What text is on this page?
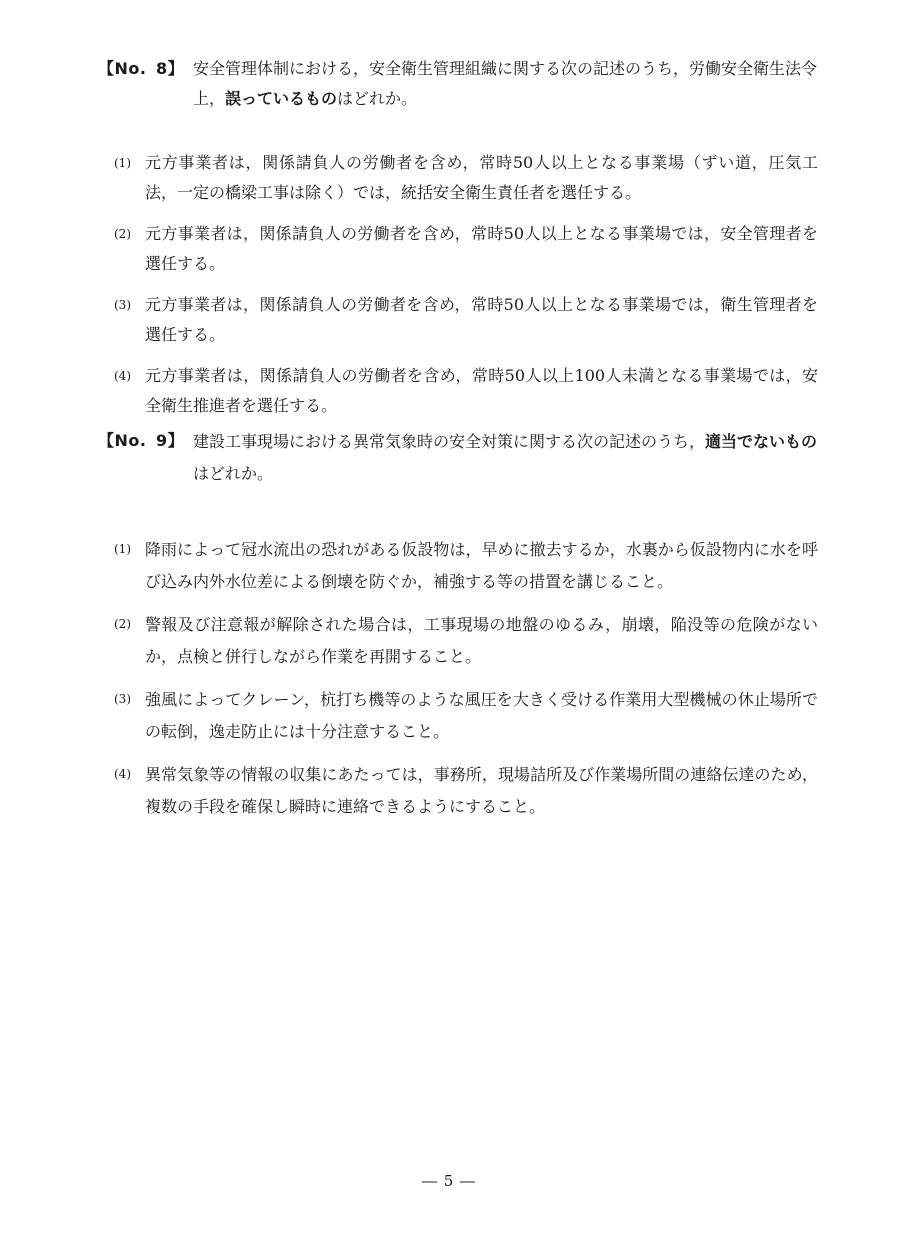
【No. 8】 安全管理体制における，安全衛生管理組織に関する次の記述のうち，労働安全衛生法令上，誤っているものはどれか。
(1) 元方事業者は，関係請負人の労働者を含め，常時50人以上となる事業場（ずい道，圧気工法，一定の橋梁工事は除く）では，統括安全衛生責任者を選任する。
(2) 元方事業者は，関係請負人の労働者を含め，常時50人以上となる事業場では，安全管理者を選任する。
(3) 元方事業者は，関係請負人の労働者を含め，常時50人以上となる事業場では，衛生管理者を選任する。
(4) 元方事業者は，関係請負人の労働者を含め，常時50人以上100人未満となる事業場では，安全衛生推進者を選任する。
【No. 9】 建設工事現場における異常気象時の安全対策に関する次の記述のうち，適当でないものはどれか。
(1) 降雨によって冠水流出の恐れがある仮設物は，早めに撤去するか，水裏から仮設物内に水を呼び込み内外水位差による倒壊を防ぐか，補強する等の措置を講じること。
(2) 警報及び注意報が解除された場合は，工事現場の地盤のゆるみ，崩壊，陥没等の危険がないか，点検と併行しながら作業を再開すること。
(3) 強風によってクレーン，杭打ち機等のような風圧を大きく受ける作業用大型機械の休止場所での転倒，逸走防止には十分注意すること。
(4) 異常気象等の情報の収集にあたっては，事務所，現場詰所及び作業場所間の連絡伝達のため，複数の手段を確保し瞬時に連絡できるようにすること。
― 5 ―
